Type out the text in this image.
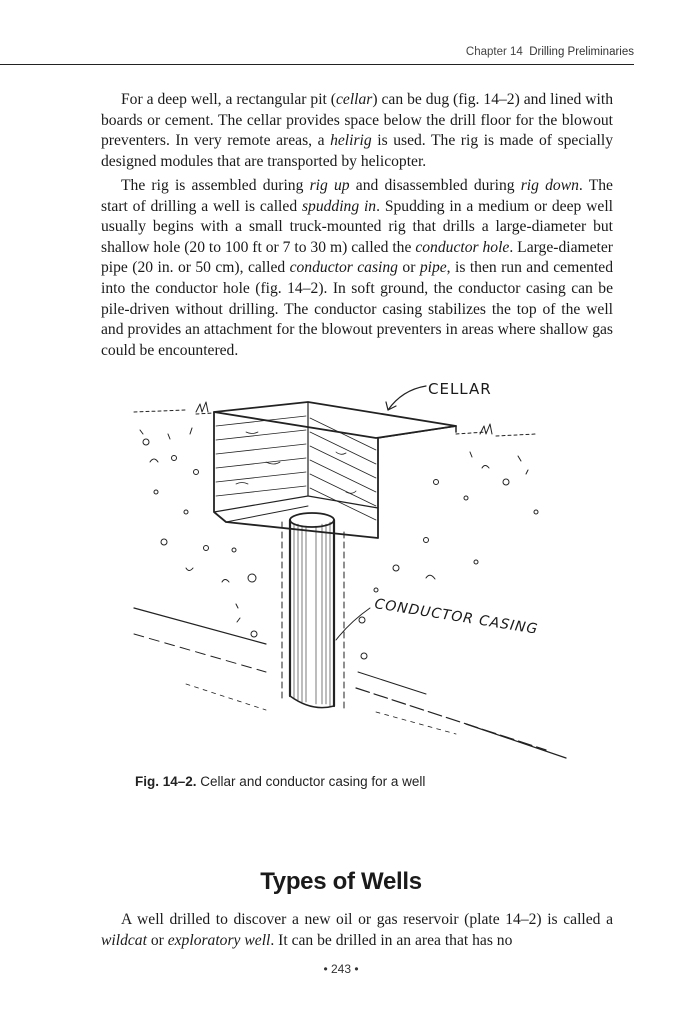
Chapter 14 Drilling Preliminaries

For a deep well, a rectangular pit (cellar) can be dug (fig. 14–2) and lined with boards or cement. The cellar provides space below the drill floor for the blowout preventers. In very remote areas, a helirig is used. The rig is made of specially designed modules that are transported by helicopter.

The rig is assembled during rig up and disassembled during rig down. The start of drilling a well is called spudding in. Spudding in a medium or deep well usually begins with a small truck-mounted rig that drills a large-diameter but shallow hole (20 to 100 ft or 7 to 30 m) called the conductor hole. Large-diameter pipe (20 in. or 50 cm), called conductor casing or pipe, is then run and cemented into the conductor hole (fig. 14–2). In soft ground, the conductor casing can be pile-driven without drilling. The conductor casing stabilizes the top of the well and provides an attachment for the blowout preventers in areas where shallow gas could be encountered.

CELLAR
CONDUCTOR CASING
Fig. 14–2. Cellar and conductor casing for a well
Types of Wells

A well drilled to discover a new oil or gas reservoir (plate 14–2) is called a wildcat or exploratory well. It can be drilled in an area that has no

• 243 •
